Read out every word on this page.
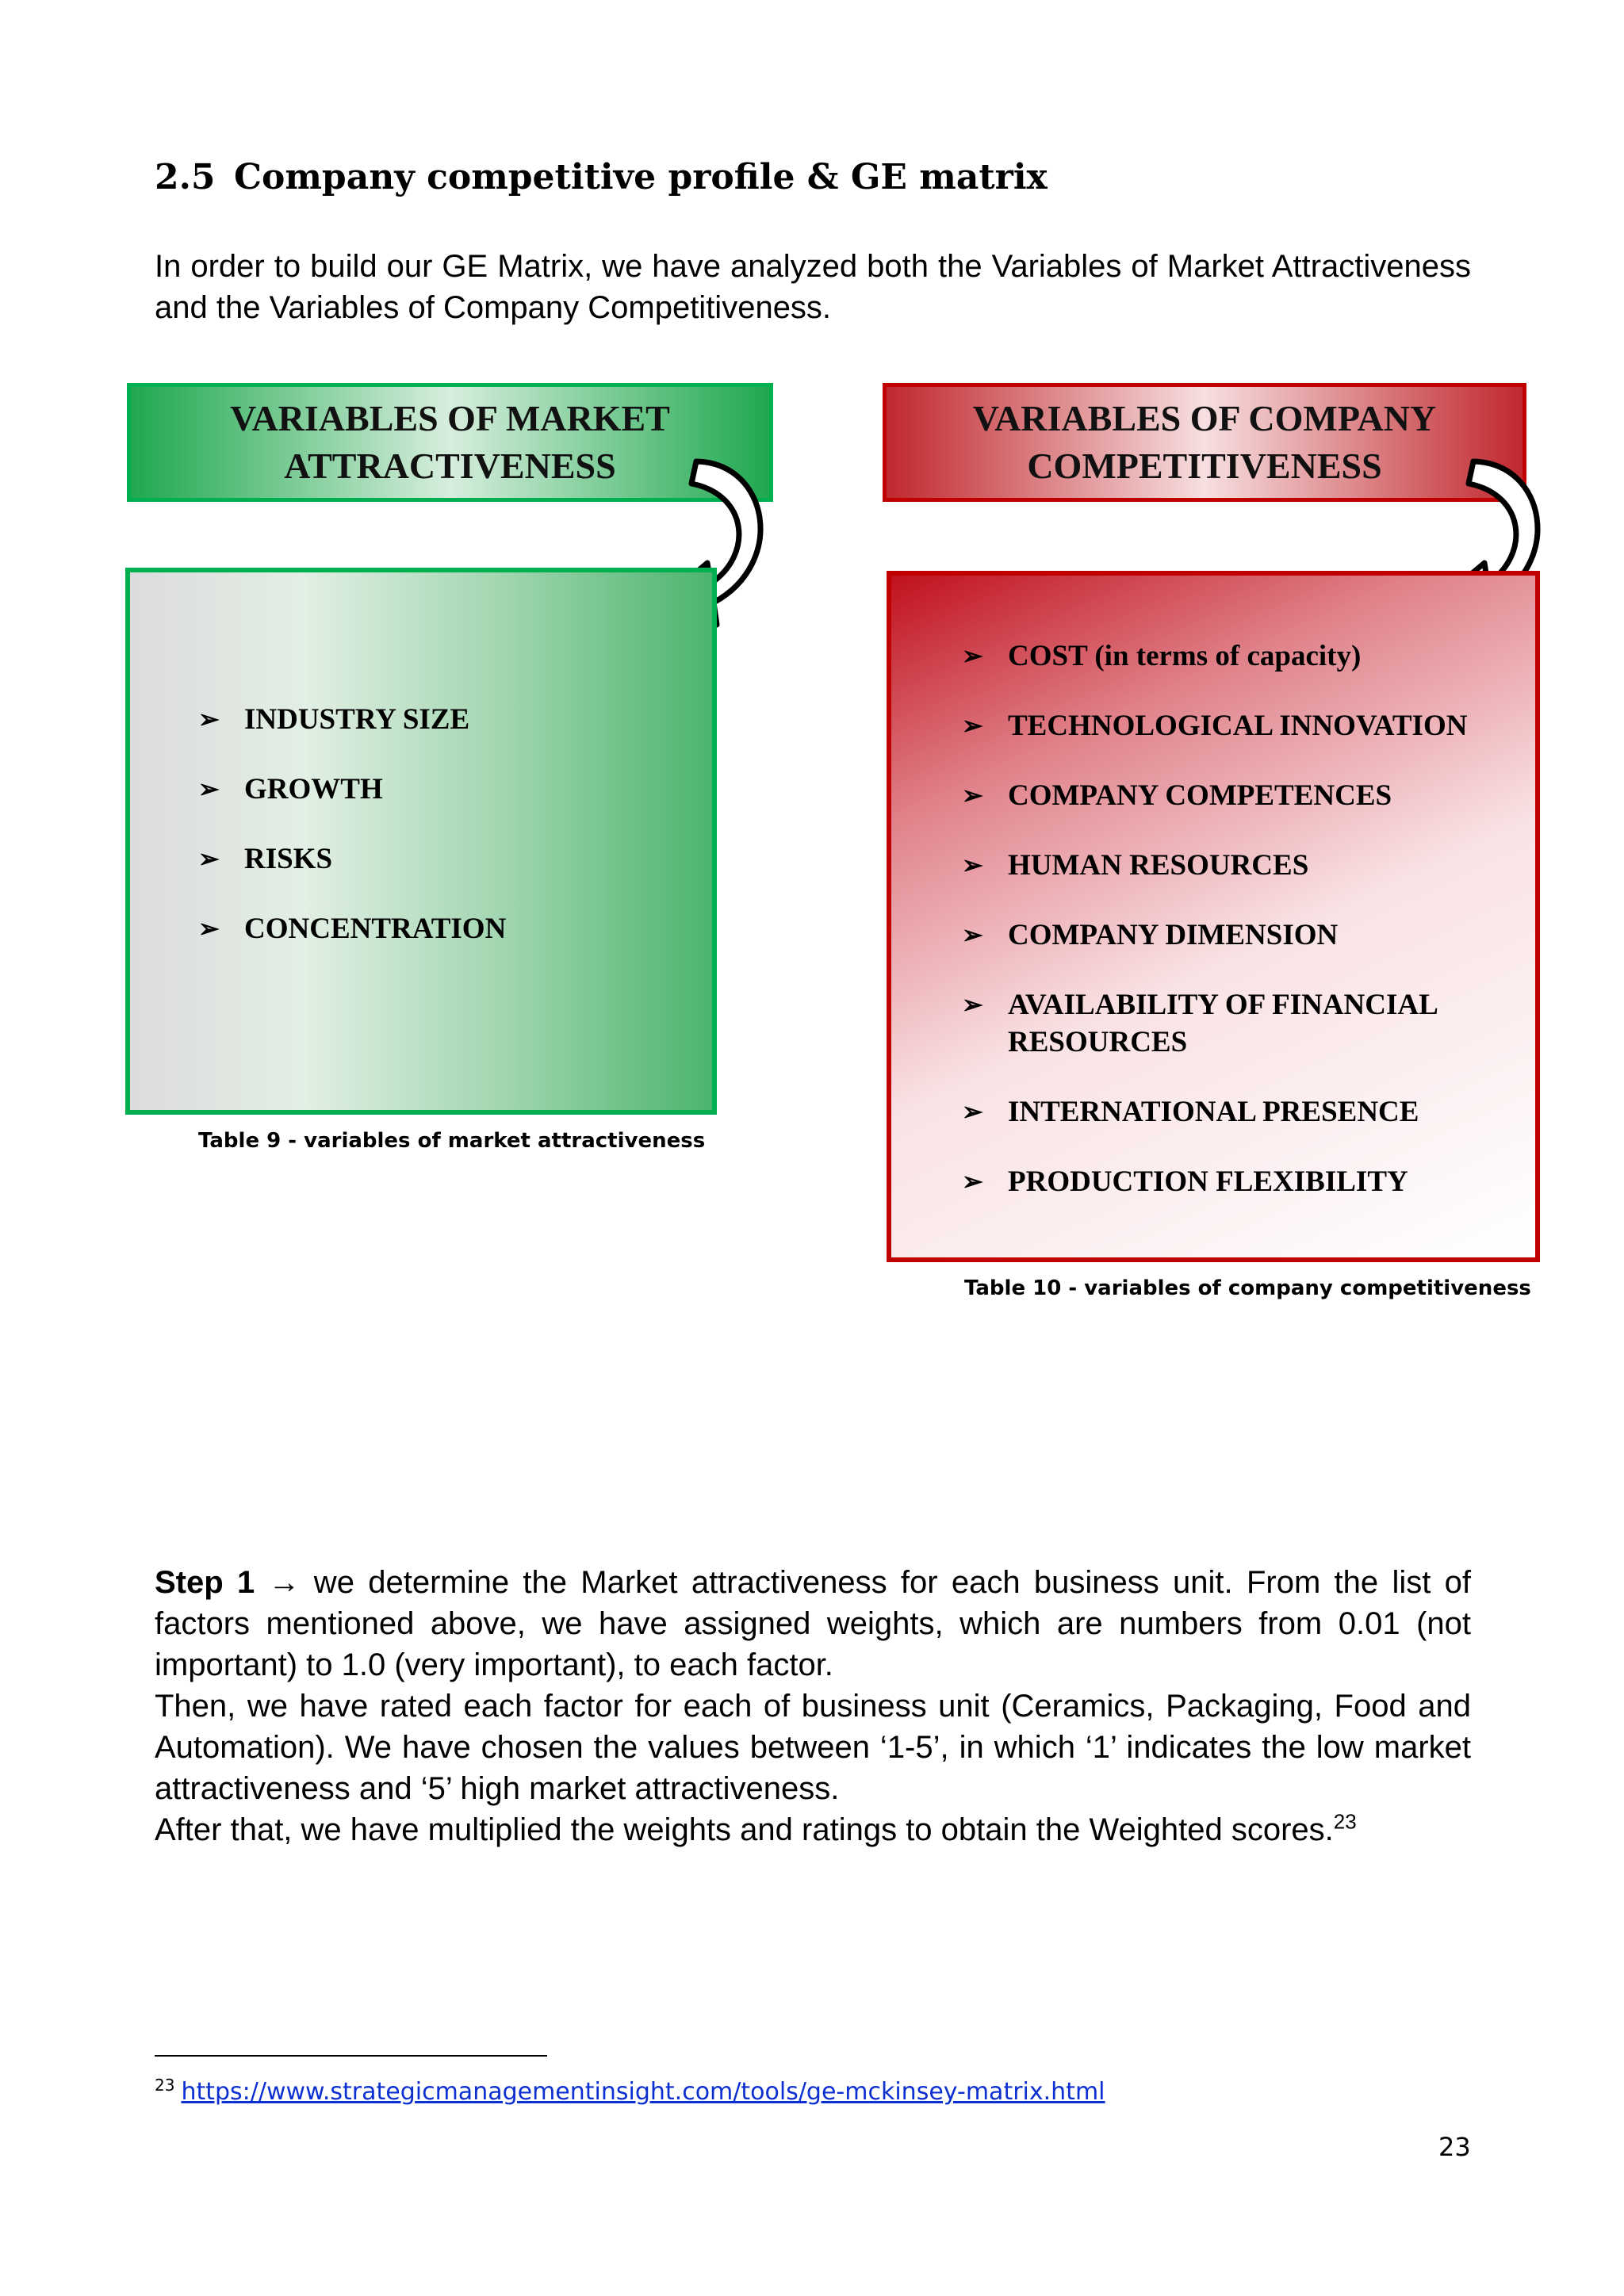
2.5 Company competitive profile & GE matrix
In order to build our GE Matrix, we have analyzed both the Variables of Market Attractiveness and the Variables of Company Competitiveness.
VARIABLES OF MARKET ATTRACTIVENESS
VARIABLES OF COMPANY COMPETITIVENESS
➢ INDUSTRY SIZE
➢ GROWTH
➢ RISKS
➢ CONCENTRATION
Table 9 - variables of market attractiveness
➢ COST (in terms of capacity)
➢ TECHNOLOGICAL INNOVATION
➢ COMPANY COMPETENCES
➢ HUMAN RESOURCES
➢ COMPANY DIMENSION
➢ AVAILABILITY OF FINANCIAL RESOURCES
➢ INTERNATIONAL PRESENCE
➢ PRODUCTION FLEXIBILITY
Table 10 - variables of company competitiveness
Step 1 → we determine the Market attractiveness for each business unit. From the list of factors mentioned above, we have assigned weights, which are numbers from 0.01 (not important) to 1.0 (very important), to each factor.
Then, we have rated each factor for each of business unit (Ceramics, Packaging, Food and Automation). We have chosen the values between ‘1-5’, in which ‘1’ indicates the low market attractiveness and ‘5’ high market attractiveness.
After that, we have multiplied the weights and ratings to obtain the Weighted scores.$^{23}$
$^{23}$ https://www.strategicmanagementinsight.com/tools/ge-mckinsey-matrix.html
23
